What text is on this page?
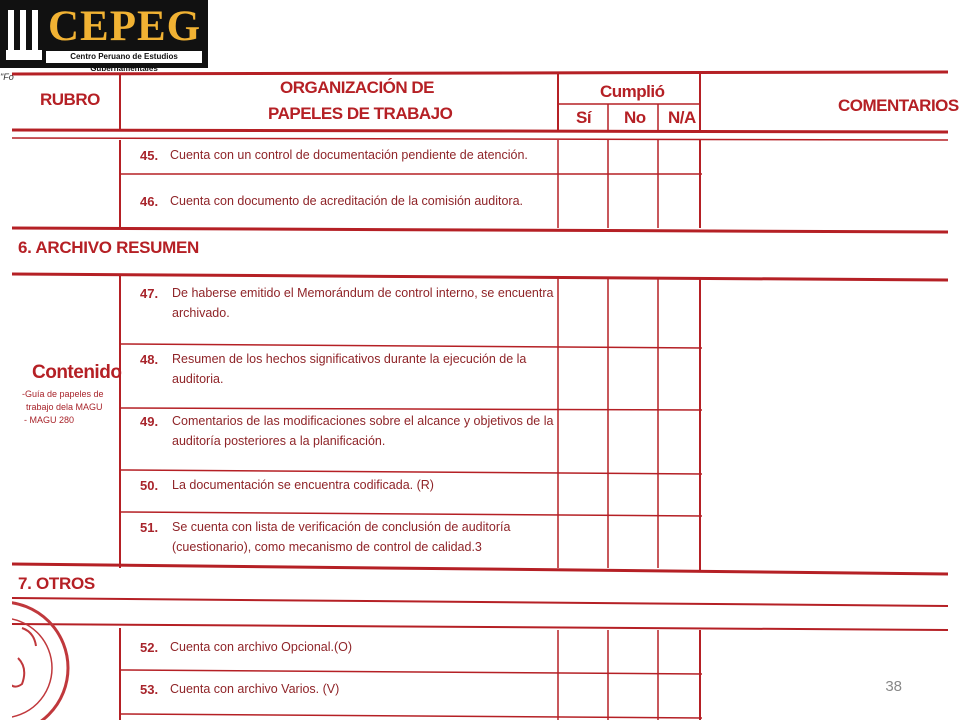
CEPEG
Centro Peruano de Estudios Gubernamentales
"Fo
RUBRO
ORGANIZACIÓN DE
PAPELES DE TRABAJO
Cumplió
Sí No N/A
COMENTARIOS
45. Cuenta con un control de documentación pendiente de atención.
46. Cuenta con documento de acreditación de la comisión auditora.
6. ARCHIVO RESUMEN
Contenido
-Guía de papeles de
trabajo dela MAGU
- MAGU 280
47. De haberse emitido el Memorándum de control interno, se encuentra
archivado.
48. Resumen de los hechos significativos durante la ejecución de la
auditoria.
49. Comentarios de las modificaciones sobre el alcance y objetivos de la
auditoría posteriores a la planificación.
50. La documentación se encuentra codificada. (R)
51. Se cuenta con lista de verificación de conclusión de auditoría
(cuestionario), como mecanismo de control de calidad.3
7. OTROS
52. Cuenta con archivo Opcional.(O)
53. Cuenta con archivo Varios. (V)	38
